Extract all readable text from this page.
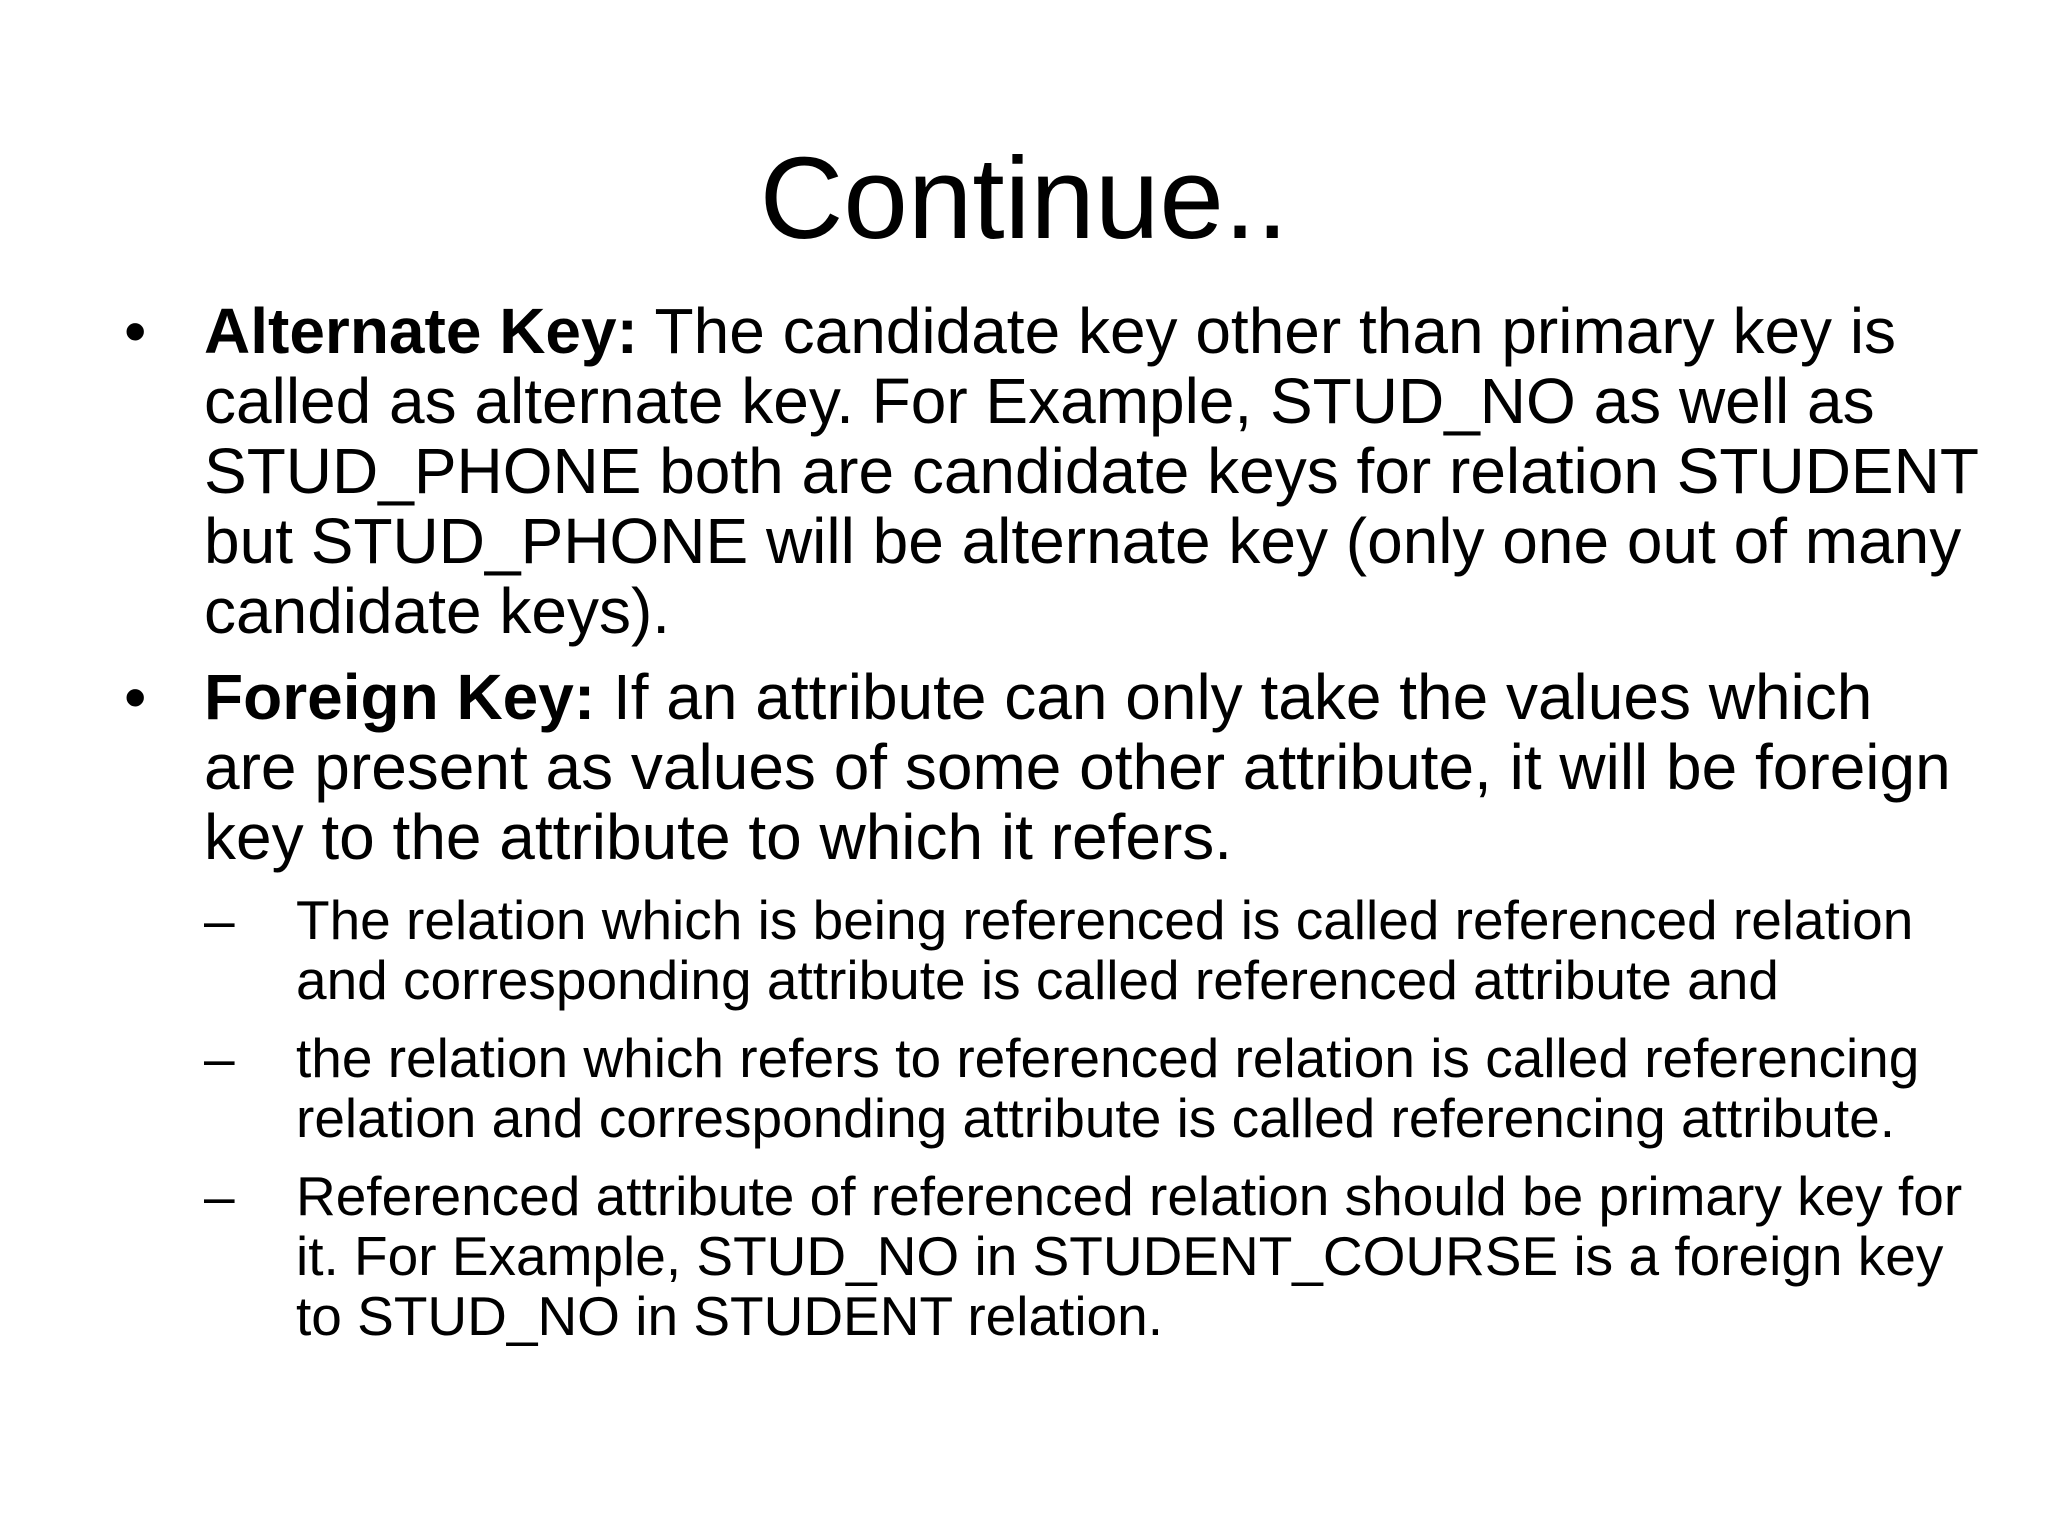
Continue..
• Alternate Key: The candidate key other than primary key is called as alternate key. For Example, STUD_NO as well as STUD_PHONE both are candidate keys for relation STUDENT but STUD_PHONE will be alternate key (only one out of many candidate keys).
• Foreign Key: If an attribute can only take the values which are present as values of some other attribute, it will be foreign key to the attribute to which it refers.
– The relation which is being referenced is called referenced relation and corresponding attribute is called referenced attribute and
– the relation which refers to referenced relation is called referencing relation and corresponding attribute is called referencing attribute.
– Referenced attribute of referenced relation should be primary key for it. For Example, STUD_NO in STUDENT_COURSE is a foreign key to STUD_NO in STUDENT relation.
